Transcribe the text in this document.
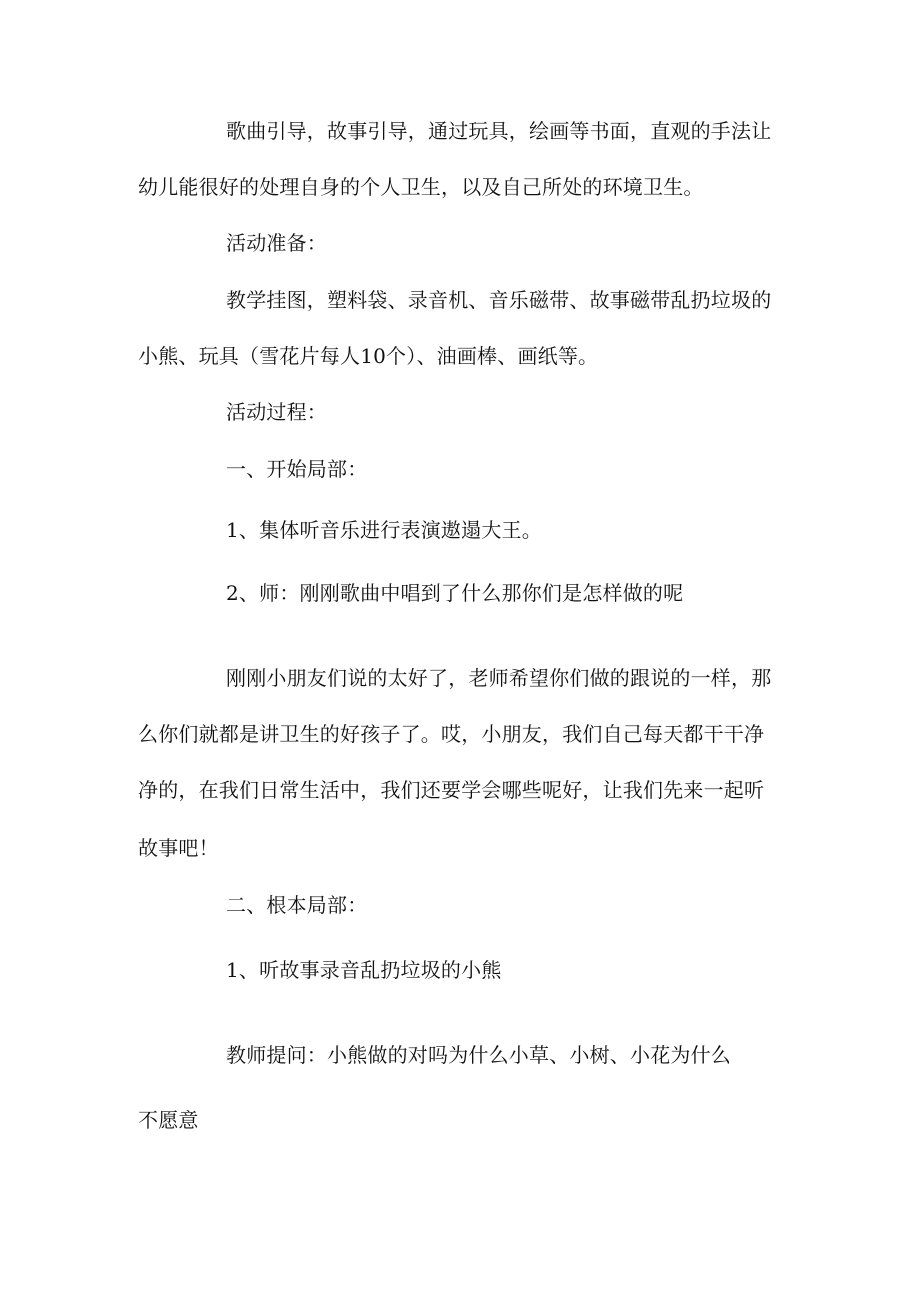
歌曲引导，故事引导，通过玩具，绘画等书面，直观的手法让
幼儿能很好的处理自身的个人卫生，以及自己所处的环境卫生。
活动准备：
教学挂图，塑料袋、录音机、音乐磁带、故事磁带乱扔垃圾的
小熊、玩具（雪花片每人10个）、油画棒、画纸等。
活动过程：
一、开始局部：
1、集体听音乐进行表演遨遢大王。
2、师：刚刚歌曲中唱到了什么那你们是怎样做的呢
刚刚小朋友们说的太好了，老师希望你们做的跟说的一样，那
么你们就都是讲卫生的好孩子了。哎，小朋友，我们自己每天都干干净
净的，在我们日常生活中，我们还要学会哪些呢好，让我们先来一起听
故事吧！
二、根本局部：
1、听故事录音乱扔垃圾的小熊
教师提问：小熊做的对吗为什么小草、小树、小花为什么
不愿意
